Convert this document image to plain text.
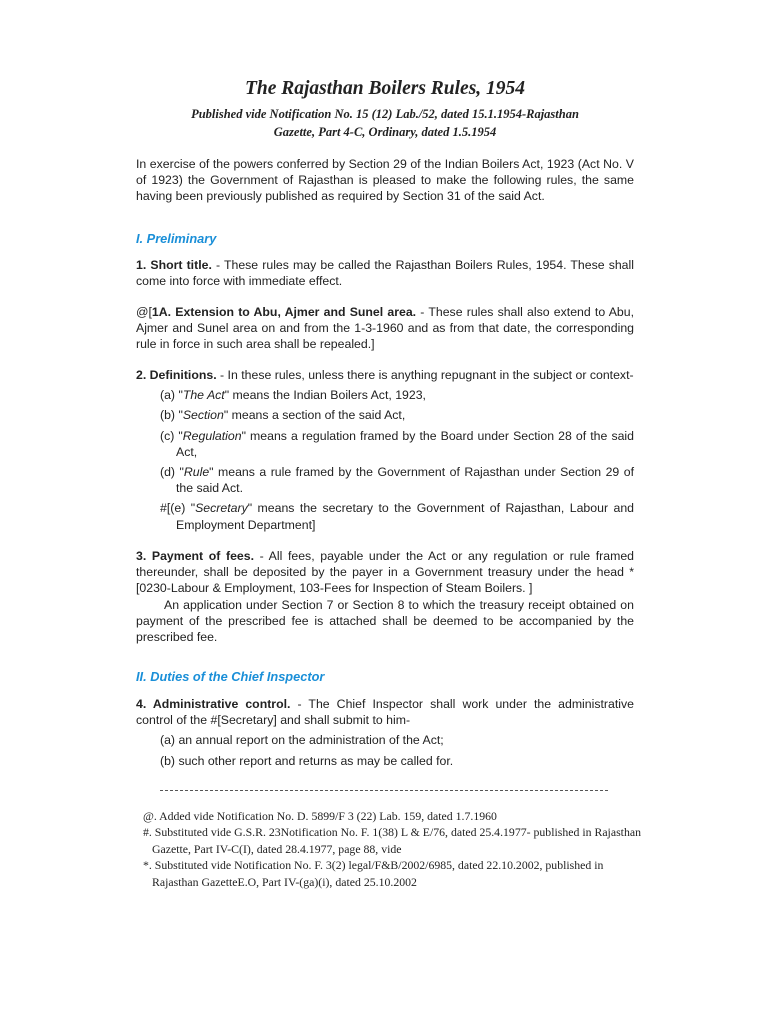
The Rajasthan Boilers Rules, 1954
Published vide Notification No. 15 (12) Lab./52, dated 15.1.1954-Rajasthan
Gazette, Part 4-C, Ordinary, dated 1.5.1954
In exercise of the powers conferred by Section 29 of the Indian Boilers Act, 1923 (Act No. V of 1923) the Government of Rajasthan is pleased to make the following rules, the same having been previously published as required by Section 31 of the said Act.
I. Preliminary
1. Short title. - These rules may be called the Rajasthan Boilers Rules, 1954. These shall come into force with immediate effect.
@[1A. Extension to Abu, Ajmer and Sunel area. - These rules shall also extend to Abu, Ajmer and Sunel area on and from the 1-3-1960 and as from that date, the corresponding rule in force in such area shall be repealed.]
2. Definitions. - In these rules, unless there is anything repugnant in the subject or context-
(a) "The Act" means the Indian Boilers Act, 1923,
(b) "Section" means a section of the said Act,
(c) "Regulation" means a regulation framed by the Board under Section 28 of the said Act,
(d) "Rule" means a rule framed by the Government of Rajasthan under Section 29 of the said Act.
#[(e) "Secretary" means the secretary to the Government of Rajasthan, Labour and Employment Department]
3. Payment of fees. - All fees, payable under the Act or any regulation or rule framed thereunder, shall be deposited by the payer in a Government treasury under the head *[0230-Labour & Employment, 103-Fees for Inspection of Steam Boilers. ]
An application under Section 7 or Section 8 to which the treasury receipt obtained on payment of the prescribed fee is attached shall be deemed to be accompanied by the prescribed fee.
II. Duties of the Chief Inspector
4. Administrative control. - The Chief Inspector shall work under the administrative control of the #[Secretary] and shall submit to him-
(a) an annual report on the administration of the Act;
(b) such other report and returns as may be called for.
@. Added vide Notification No. D. 5899/F 3 (22) Lab. 159, dated 1.7.1960
#. Substituted vide G.S.R. 23Notification No. F. 1(38) L & E/76, dated 25.4.1977- published in Rajasthan Gazette, Part IV-C(I), dated 28.4.1977, page 88, vide
*. Substituted vide Notification No. F. 3(2) legal/F&B/2002/6985, dated 22.10.2002, published in Rajasthan GazetteE.O, Part IV-(ga)(i), dated 25.10.2002
